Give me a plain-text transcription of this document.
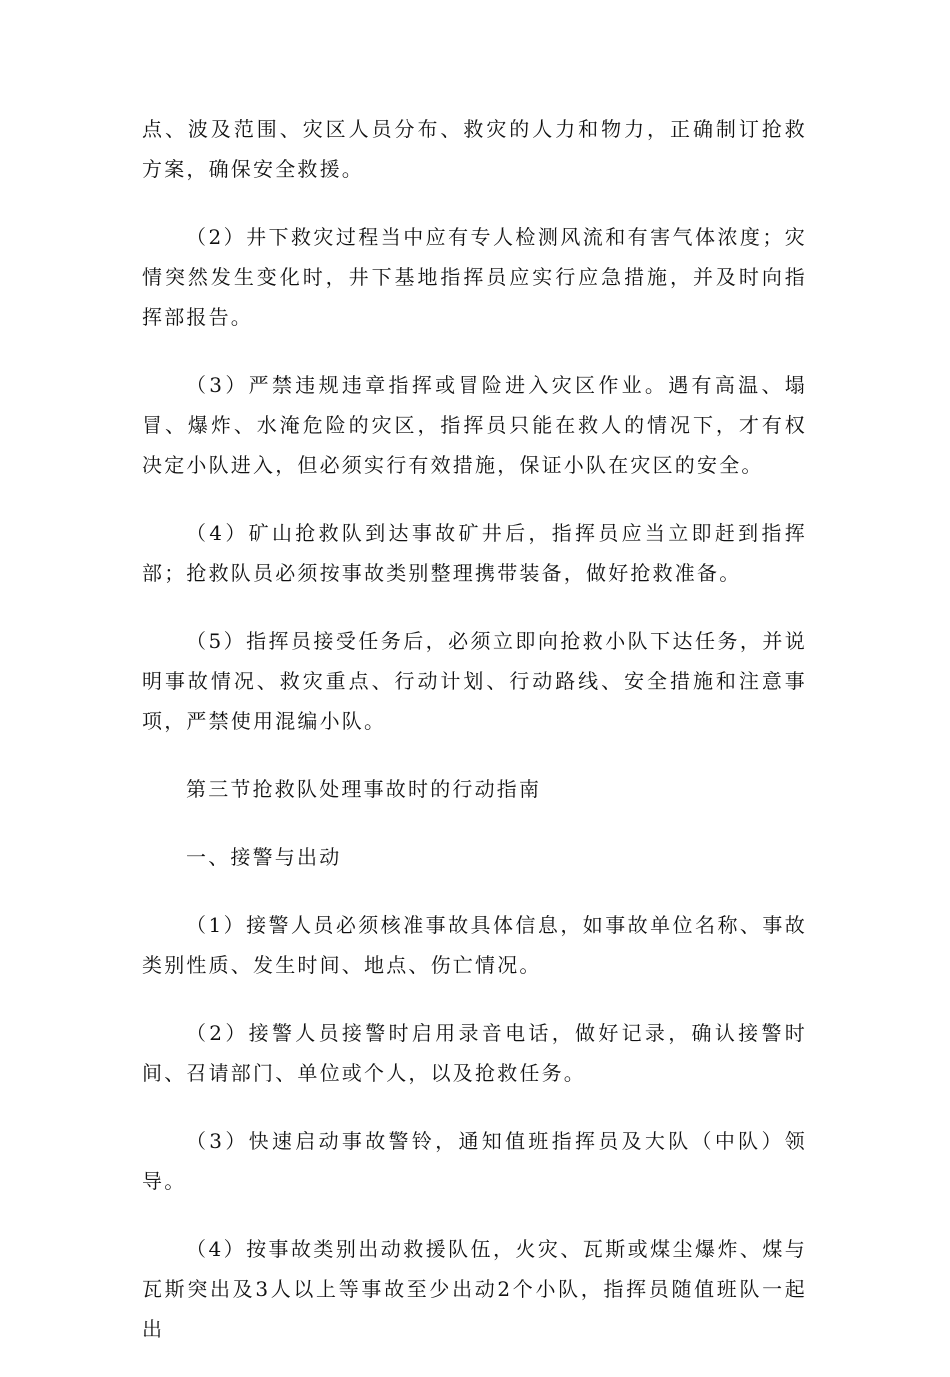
点、波及范围、灾区人员分布、救灾的人力和物力，正确制订抢救方案，确保安全救援。

（2）井下救灾过程当中应有专人检测风流和有害气体浓度；灾情突然发生变化时，井下基地指挥员应实行应急措施，并及时向指挥部报告。

（3）严禁违规违章指挥或冒险进入灾区作业。遇有高温、塌冒、爆炸、水淹危险的灾区，指挥员只能在救人的情况下，才有权决定小队进入，但必须实行有效措施，保证小队在灾区的安全。

（4）矿山抢救队到达事故矿井后，指挥员应当立即赶到指挥部；抢救队员必须按事故类别整理携带装备，做好抢救准备。

（5）指挥员接受任务后，必须立即向抢救小队下达任务，并说明事故情况、救灾重点、行动计划、行动路线、安全措施和注意事项，严禁使用混编小队。

第三节抢救队处理事故时的行动指南

一、接警与出动

（1）接警人员必须核准事故具体信息，如事故单位名称、事故类别性质、发生时间、地点、伤亡情况。

（2）接警人员接警时启用录音电话，做好记录，确认接警时间、召请部门、单位或个人，以及抢救任务。

（3）快速启动事故警铃，通知值班指挥员及大队（中队）领导。

（4）按事故类别出动救援队伍，火灾、瓦斯或煤尘爆炸、煤与瓦斯突出及3人以上等事故至少出动2个小队，指挥员随值班队一起出
